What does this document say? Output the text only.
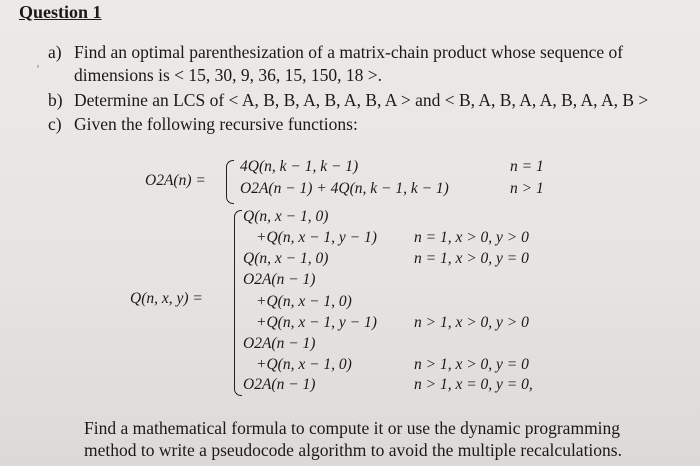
Question 1
ʼ
a) Find an optimal parenthesization of a matrix-chain product whose sequence of
dimensions is < 15, 30, 9, 36, 15, 150, 18 >.
b) Determine an LCS of < A, B, B, A, B, A, B, A > and < B, A, B, A, A, B, A, A, B >
c) Given the following recursive functions:
O2A(n) =
4Q(n, k − 1, k − 1)	n = 1
O2A(n − 1) + 4Q(n, k − 1, k − 1)	n > 1
Q(n, x, y) =
Q(n, x − 1, 0)
+Q(n, x − 1, y − 1) n = 1, x > 0, y > 0
Q(n, x − 1, 0)	n = 1, x > 0, y = 0
O2A(n − 1)
+Q(n, x − 1, 0)
+Q(n, x − 1, y − 1) n > 1, x > 0, y > 0
O2A(n − 1)
+Q(n, x − 1, 0)	n > 1, x > 0, y = 0
O2A(n − 1)	n > 1, x = 0, y = 0,
Find a mathematical formula to compute it or use the dynamic programming
method to write a pseudocode algorithm to avoid the multiple recalculations.
